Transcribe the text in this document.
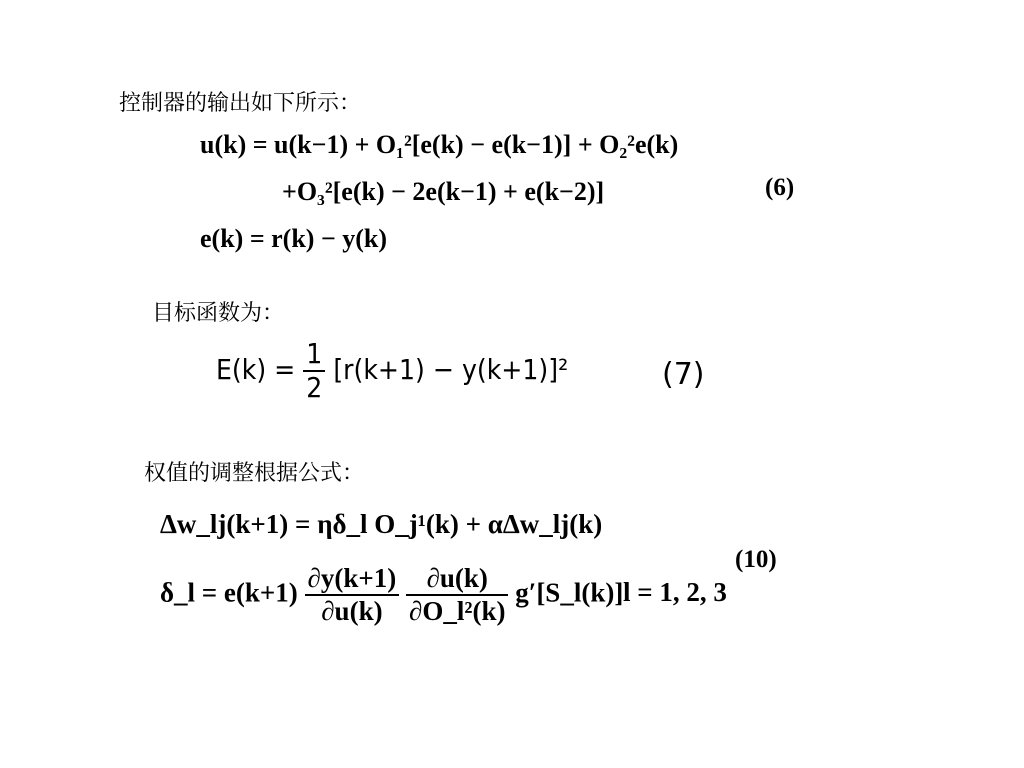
控制器的输出如下所示：
u(k) = u(k−1) + O₁²[e(k) − e(k−1)] + O₂²e(k)
+O₃²[e(k) − 2e(k−1) + e(k−2)]
e(k) = r(k) − y(k)
(6)
目标函数为：
$E(k) = \frac{1}{2} [r(k+1) - y(k+1)]^2$	(7)
权值的调整根据公式：
Δw_lj(k+1) = ηδ_l O_j¹(k) + αΔw_lj(k)
δ_l = $e(k+1) \frac{\partial y(k+1)}{\partial u(k)}$
$\frac{\partial u(k)}{\text{∂O\_l²(k)}}$ g′[S_l(k)] l = 1, 2, 3
(10)
